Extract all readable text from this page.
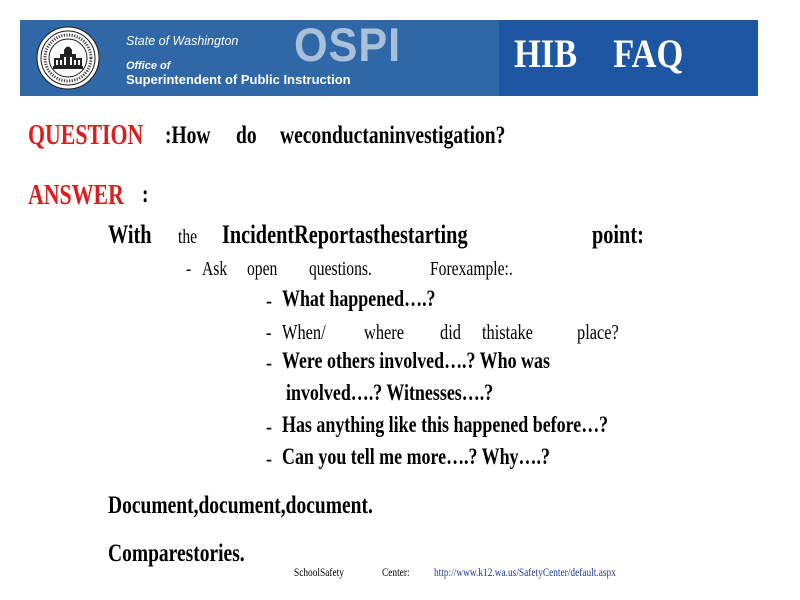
State of Washington OSPI
Office of
Superintendent of Public Instruction
HIB FAQ
QUESTION :How do weconductaninvestigation?
ANSWER :
With the IncidentReportasthestarting	point:
- Ask open questions.	Forexample:.
- What happened….?
- When/ where did thistake place?
- Were others involved….? Who was
involved….? Witnesses….?
- Has anything like this happened before…?
- Can you tell me more….? Why….?
Document,document,document.
Comparestories.
SchoolSafety	Center: http://www.k12.wa.us/SafetyCenter/default.aspx
